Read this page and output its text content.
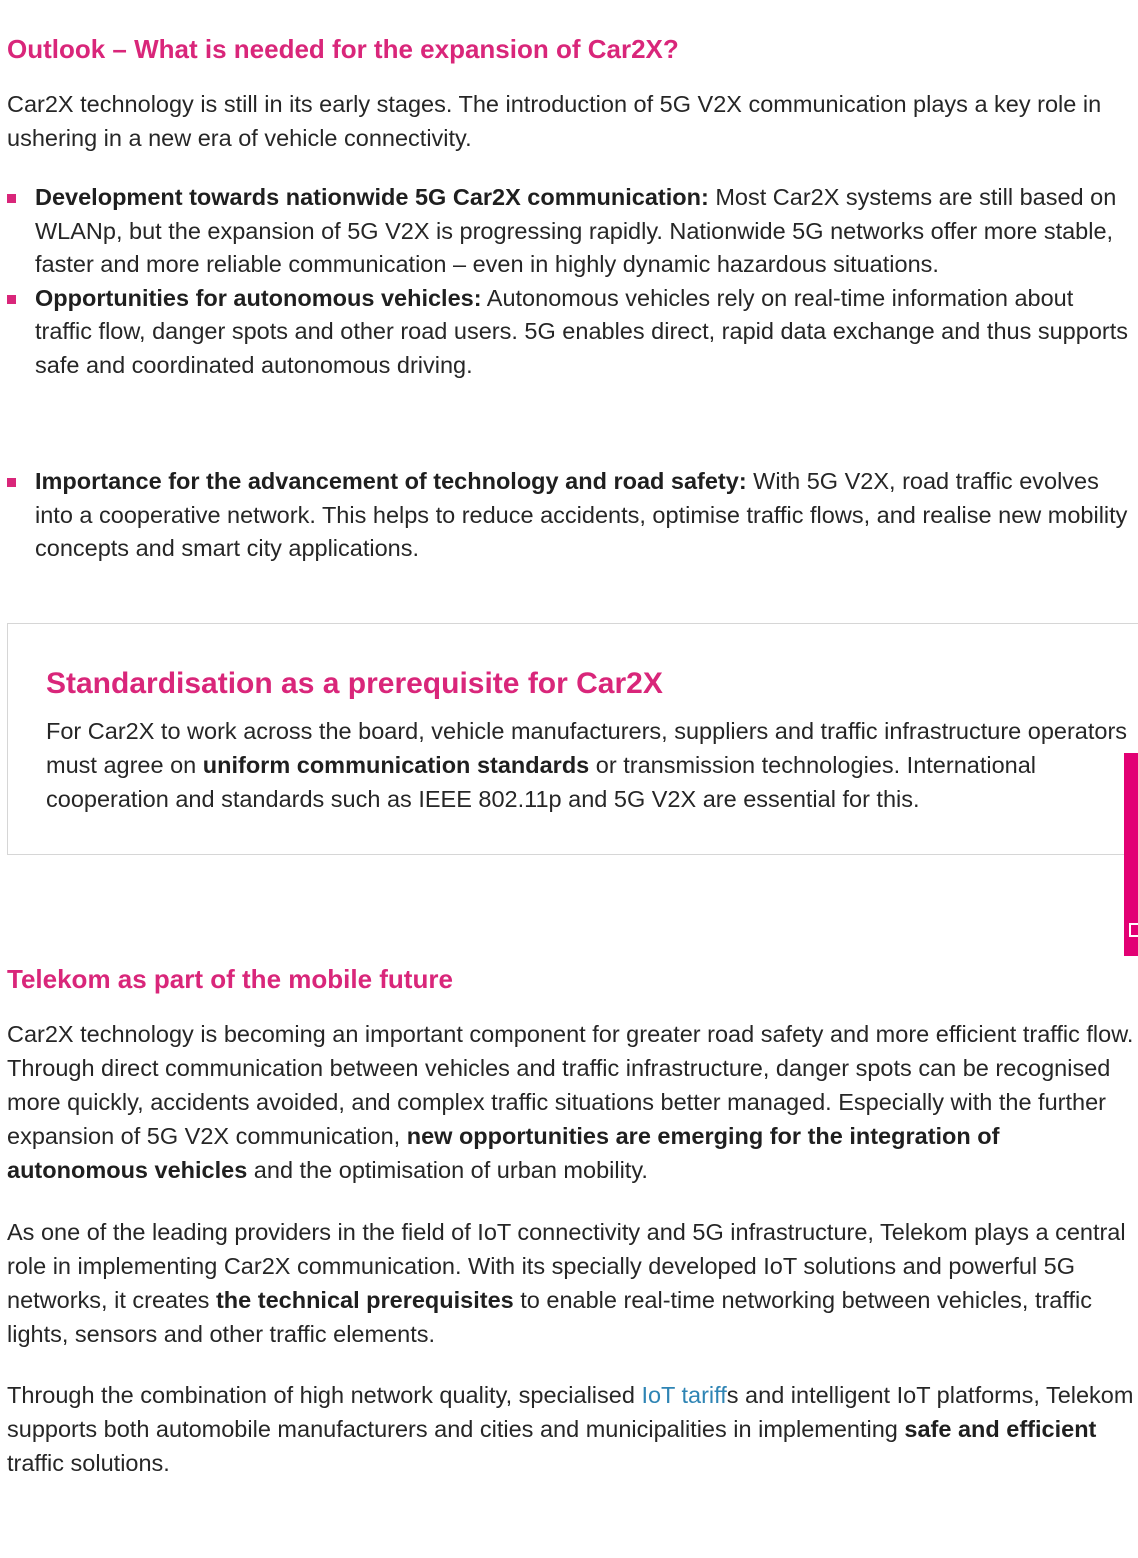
Outlook – What is needed for the expansion of Car2X?

Car2X technology is still in its early stages. The introduction of 5G V2X communication plays a key role in ushering in a new era of vehicle connectivity.

Development towards nationwide 5G Car2X communication: Most Car2X systems are still based on WLANp, but the expansion of 5G V2X is progressing rapidly. Nationwide 5G networks offer more stable, faster and more reliable communication – even in highly dynamic hazardous situations.
Opportunities for autonomous vehicles: Autonomous vehicles rely on real-time information about traffic flow, danger spots and other road users. 5G enables direct, rapid data exchange and thus supports safe and coordinated autonomous driving.
Importance for the advancement of technology and road safety: With 5G V2X, road traffic evolves into a cooperative network. This helps to reduce accidents, optimise traffic flows, and realise new mobility concepts and smart city applications.
Standardisation as a prerequisite for Car2X

For Car2X to work across the board, vehicle manufacturers, suppliers and traffic infrastructure operators must agree on uniform communication standards or transmission technologies. International cooperation and standards such as IEEE 802.11p and 5G V2X are essential for this.

Telekom as part of the mobile future

Car2X technology is becoming an important component for greater road safety and more efficient traffic flow. Through direct communication between vehicles and traffic infrastructure, danger spots can be recognised more quickly, accidents avoided, and complex traffic situations better managed. Especially with the further expansion of 5G V2X communication, new opportunities are emerging for the integration of autonomous vehicles and the optimisation of urban mobility.

As one of the leading providers in the field of IoT connectivity and 5G infrastructure, Telekom plays a central role in implementing Car2X communication. With its specially developed IoT solutions and powerful 5G networks, it creates the technical prerequisites to enable real-time networking between vehicles, traffic lights, sensors and other traffic elements.

Through the combination of high network quality, specialised IoT tariffs and intelligent IoT platforms, Telekom supports both automobile manufacturers and cities and municipalities in implementing safe and efficient traffic solutions.
